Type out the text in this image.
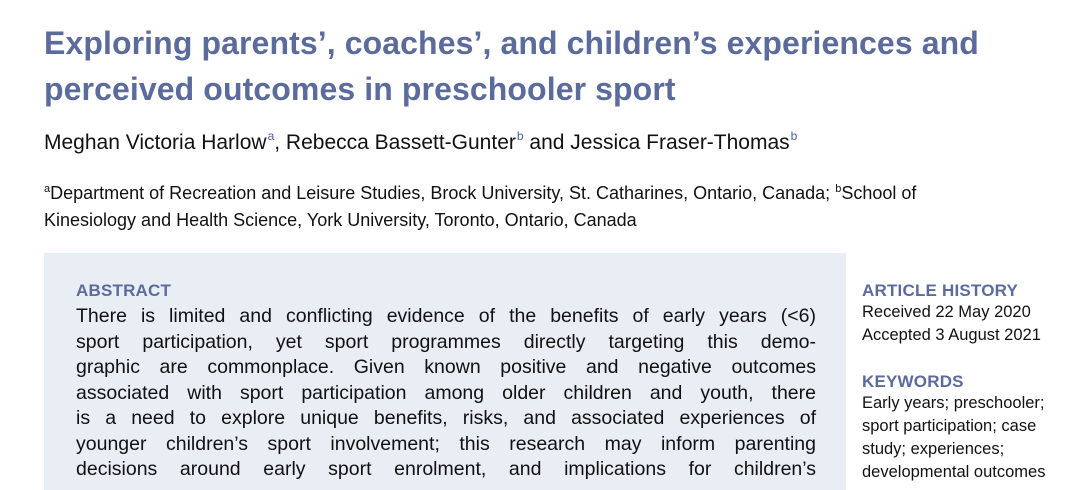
Exploring parents’, coaches’, and children’s experiences and
perceived outcomes in preschooler sport
Meghan Victoria Harlow$^a$, Rebecca Bassett-Gunter$^b$ and Jessica Fraser-Thomas$^b$
$^a$Department of Recreation and Leisure Studies, Brock University, St. Catharines, Ontario, Canada; $^b$School of
Kinesiology and Health Science, York University, Toronto, Ontario, Canada
ABSTRACT
There is limited and conflicting evidence of the benefits of early years (<6)
sport participation, yet sport programmes directly targeting this demo-
graphic are commonplace. Given known positive and negative outcomes
associated with sport participation among older children and youth, there
is a need to explore unique benefits, risks, and associated experiences of
younger children’s sport involvement; this research may inform parenting
decisions around early sport enrolment, and implications for children’s
ARTICLE HISTORY
Received 22 May 2020
Accepted 3 August 2021
KEYWORDS
Early years; preschooler;
sport participation; case
study; experiences;
developmental outcomes
